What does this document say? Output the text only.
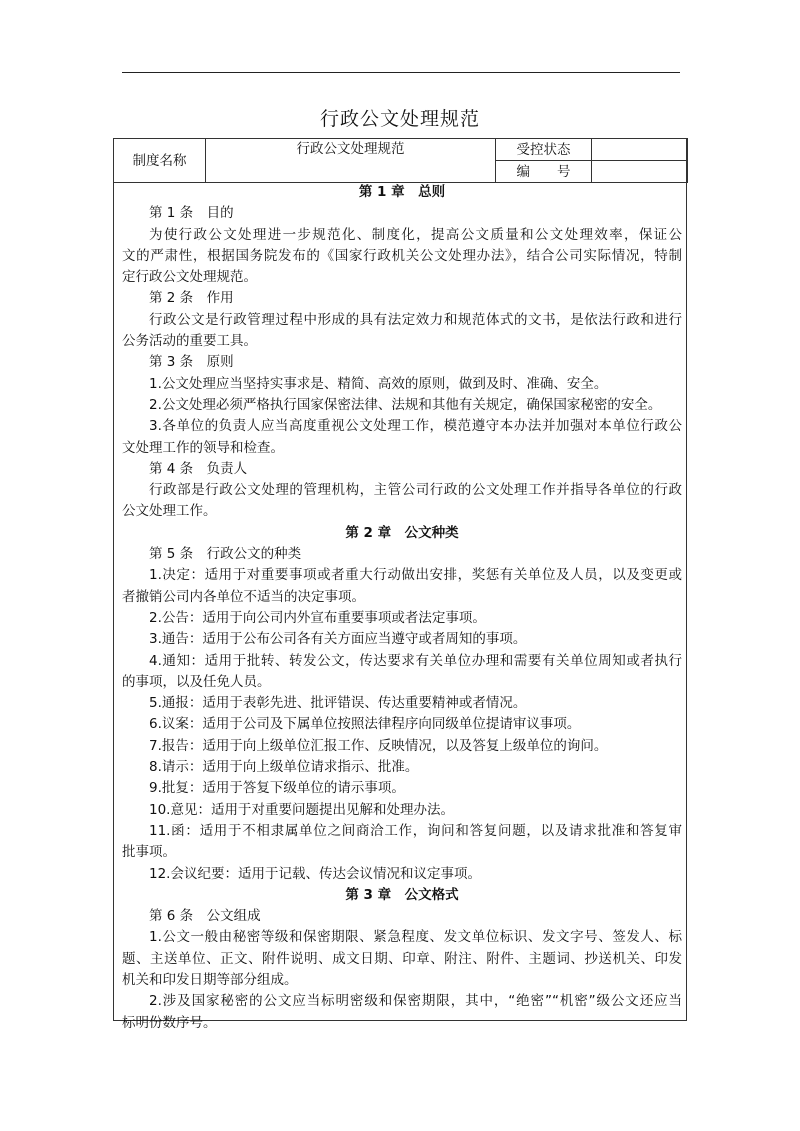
行政公文处理规范
制度名称	行政公文处理规范	受控状态	
		编　　号	
第 1 章　总则
第 1 条　目的
为使行政公文处理进一步规范化、制度化，提高公文质量和公文处理效率，保证公
文的严肃性，根据国务院发布的《国家行政机关公文处理办法》，结合公司实际情况，特制
定行政公文处理规范。
第 2 条　作用
行政公文是行政管理过程中形成的具有法定效力和规范体式的文书，是依法行政和进行
公务活动的重要工具。
第 3 条　原则
1.公文处理应当坚持实事求是、精简、高效的原则，做到及时、准确、安全。
2.公文处理必须严格执行国家保密法律、法规和其他有关规定，确保国家秘密的安全。
3.各单位的负责人应当高度重视公文处理工作，模范遵守本办法并加强对本单位行政公
文处理工作的领导和检查。
第 4 条　负责人
行政部是行政公文处理的管理机构，主管公司行政的公文处理工作并指导各单位的行政
公文处理工作。
第 2 章　公文种类
第 5 条　行政公文的种类
1.决定：适用于对重要事项或者重大行动做出安排，奖惩有关单位及人员，以及变更或
者撤销公司内各单位不适当的决定事项。
2.公告：适用于向公司内外宣布重要事项或者法定事项。
3.通告：适用于公布公司各有关方面应当遵守或者周知的事项。
4.通知：适用于批转、转发公文，传达要求有关单位办理和需要有关单位周知或者执行
的事项，以及任免人员。
5.通报：适用于表彰先进、批评错误、传达重要精神或者情况。
6.议案：适用于公司及下属单位按照法律程序向同级单位提请审议事项。
7.报告：适用于向上级单位汇报工作、反映情况，以及答复上级单位的询问。
8.请示：适用于向上级单位请求指示、批准。
9.批复：适用于答复下级单位的请示事项。
10.意见：适用于对重要问题提出见解和处理办法。
11.函：适用于不相隶属单位之间商洽工作，询问和答复问题，以及请求批准和答复审
批事项。
12.会议纪要：适用于记载、传达会议情况和议定事项。
第 3 章　公文格式
第 6 条　公文组成
1.公文一般由秘密等级和保密期限、紧急程度、发文单位标识、发文字号、签发人、标
题、主送单位、正文、附件说明、成文日期、印章、附注、附件、主题词、抄送机关、印发
机关和印发日期等部分组成。
2.涉及国家秘密的公文应当标明密级和保密期限，其中，“绝密”“机密”级公文还应当
标明份数序号。
